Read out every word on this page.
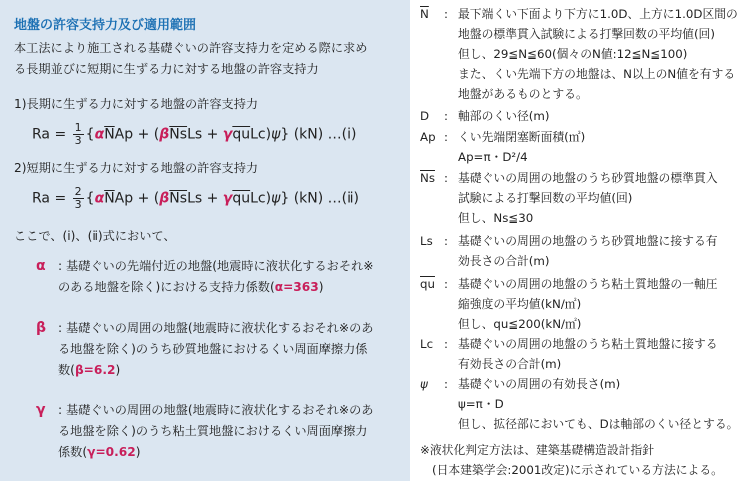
地盤の許容支持力及び適用範囲
本工法により施工される基礎ぐいの許容支持力を定める際に求め
る長期並びに短期に生ずる力に対する地盤の許容支持力
1)長期に生ずる力に対する地盤の許容支持力
$Ra = \frac{1}{3} \{\alpha\overline{N}Ap + (\beta\overline{Ns}Ls + \gamma\overline{qu}Lc)\psi\}$ (kN) …(ⅰ)
2)短期に生ずる力に対する地盤の許容支持力
$Ra = \frac{2}{3} \{\alpha\overline{N}Ap + (\beta\overline{Ns}Ls + \gamma\overline{qu}Lc)\psi\}$ (kN) …(ⅱ)
ここで、(ⅰ)、(ⅱ)式において、
α : 基礎ぐいの先端付近の地盤(地震時に液状化するおそれ※
のある地盤を除く)における支持力係数(α=363)
β : 基礎ぐいの周囲の地盤(地震時に液状化するおそれ※のあ
る地盤を除く)のうち砂質地盤におけるくい周面摩擦力係
数(β=6.2)
γ : 基礎ぐいの周囲の地盤(地震時に液状化するおそれ※のあ
る地盤を除く)のうち粘土質地盤におけるくい周面摩擦力
係数(γ=0.62)
$\overline{N}$ : 最下端くい下面より下方に1.0D、上方に1.0D区間の
地盤の標準貫入試験による打撃回数の平均値(回)
但し、29≦N≦60(個々のN値:12≦N≦100)
また、くい先端下方の地盤は、N以上のN値を有する
地盤があるものとする。
D : 軸部のくい径(m)
Ap : くい先端閉塞断面積(㎡)
Ap=π・D²/4
$\overline{Ns}$ : 基礎ぐいの周囲の地盤のうち砂質地盤の標準貫入
試験による打撃回数の平均値(回)
但し、Ns≦30
Ls : 基礎ぐいの周囲の地盤のうち砂質地盤に接する有
効長さの合計(m)
$\overline{qu}$ : 基礎ぐいの周囲の地盤のうち粘土質地盤の一軸圧
縮強度の平均値(kN/㎡)
但し、qu≦200(kN/㎡)
Lc : 基礎ぐいの周囲の地盤のうち粘土質地盤に接する
有効長さの合計(m)
ψ : 基礎ぐいの周囲の有効長さ(m)
ψ=π・D
但し、拡径部においても、Dは軸部のくい径とする。
※液状化判定方法は、建築基礎構造設計指針
(日本建築学会:2001改定)に示されている方法による。
